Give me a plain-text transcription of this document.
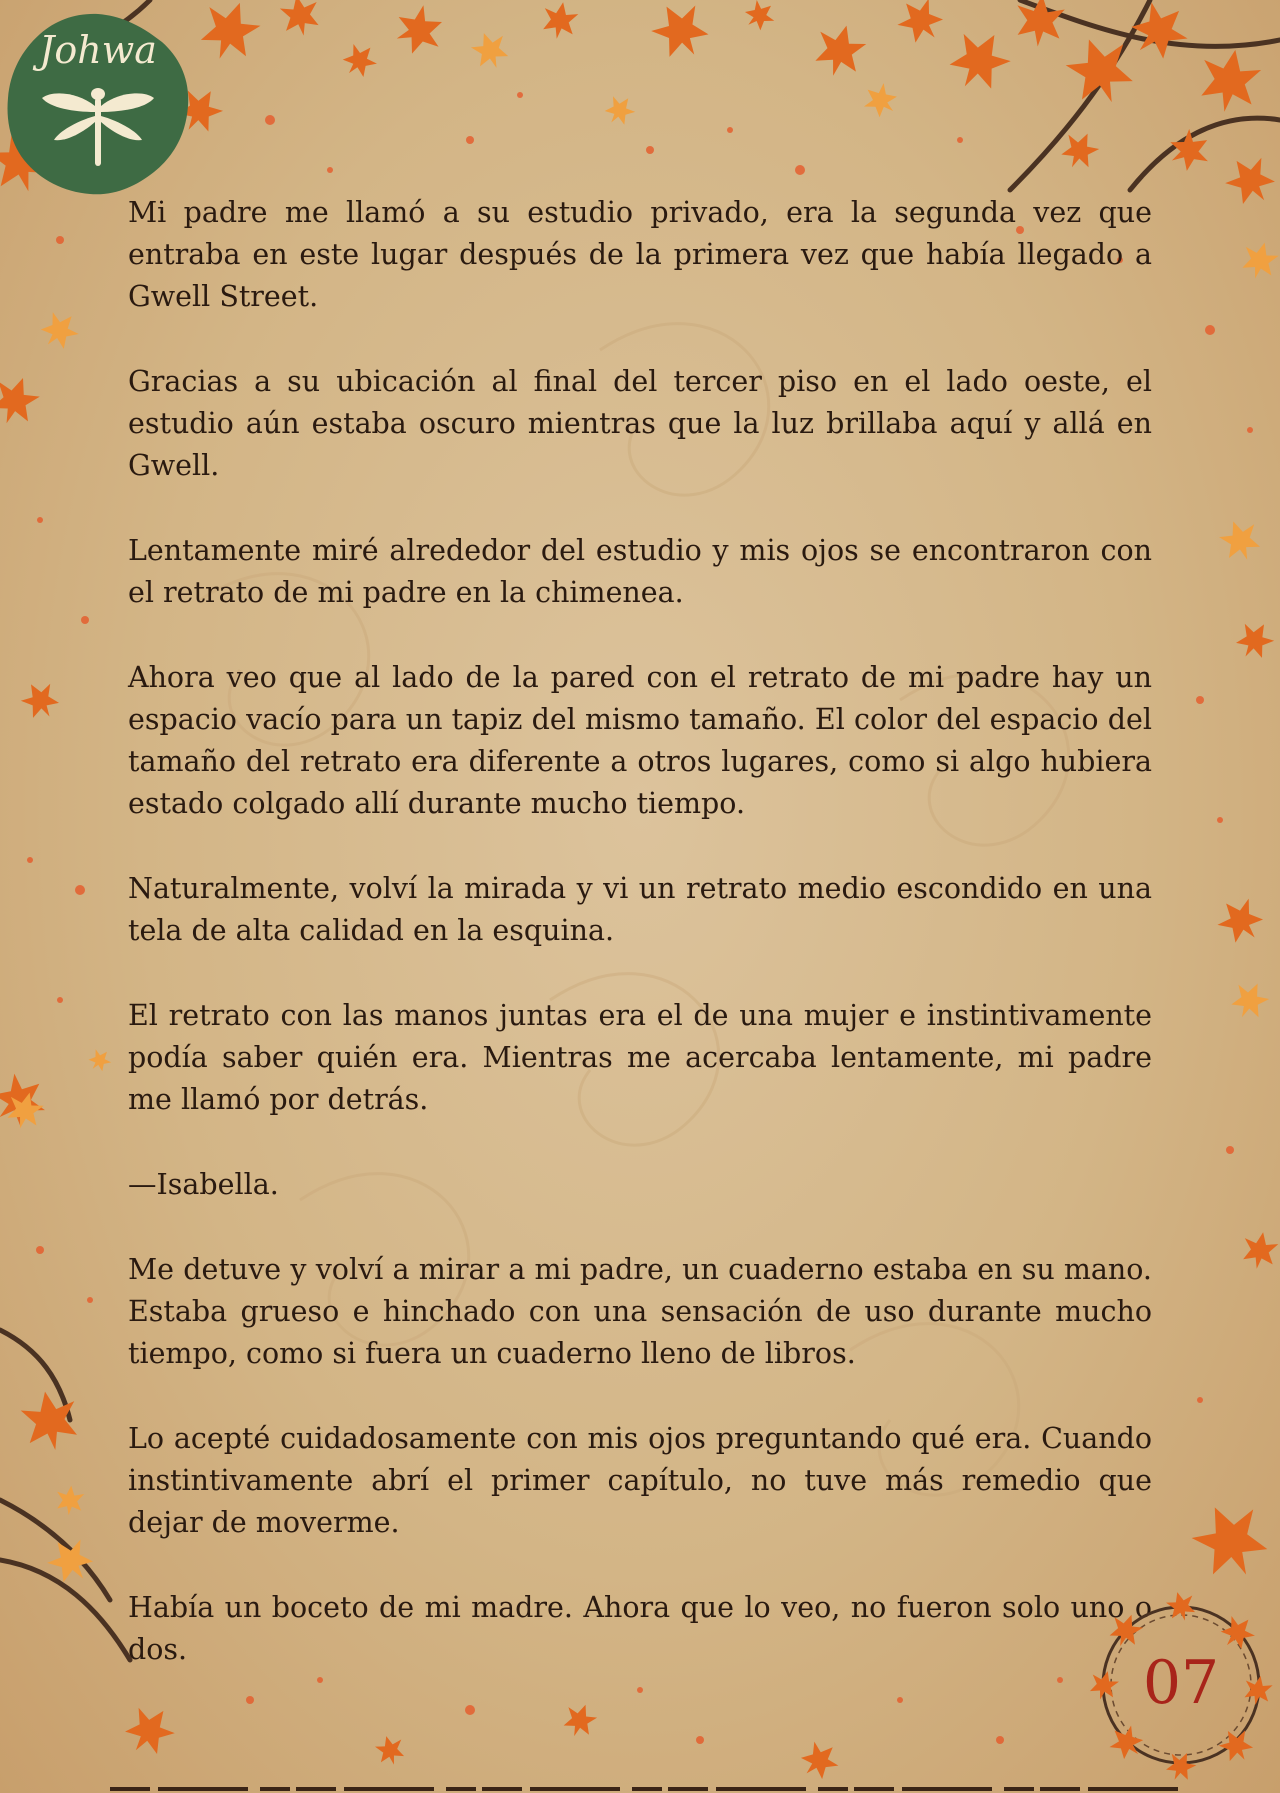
Johwa

Mi padre me llamó a su estudio privado, era la segunda vez que entraba en este lugar después de la primera vez que había llegado a Gwell Street.

Gracias a su ubicación al final del tercer piso en el lado oeste, el estudio aún estaba oscuro mientras que la luz brillaba aquí y allá en Gwell.

Lentamente miré alrededor del estudio y mis ojos se encontraron con el retrato de mi padre en la chimenea.

Ahora veo que al lado de la pared con el retrato de mi padre hay un espacio vacío para un tapiz del mismo tamaño. El color del espacio del tamaño del retrato era diferente a otros lugares, como si algo hubiera estado colgado allí durante mucho tiempo.

Naturalmente, volví la mirada y vi un retrato medio escondido en una tela de alta calidad en la esquina.

El retrato con las manos juntas era el de una mujer e instintivamente podía saber quién era. Mientras me acercaba lentamente, mi padre me llamó por detrás.

—Isabella.

Me detuve y volví a mirar a mi padre, un cuaderno estaba en su mano. Estaba grueso e hinchado con una sensación de uso durante mucho tiempo, como si fuera un cuaderno lleno de libros.

Lo acepté cuidadosamente con mis ojos preguntando qué era. Cuando instintivamente abrí el primer capítulo, no tuve más remedio que dejar de moverme.

Había un boceto de mi madre. Ahora que lo veo, no fueron solo uno o dos.	07
